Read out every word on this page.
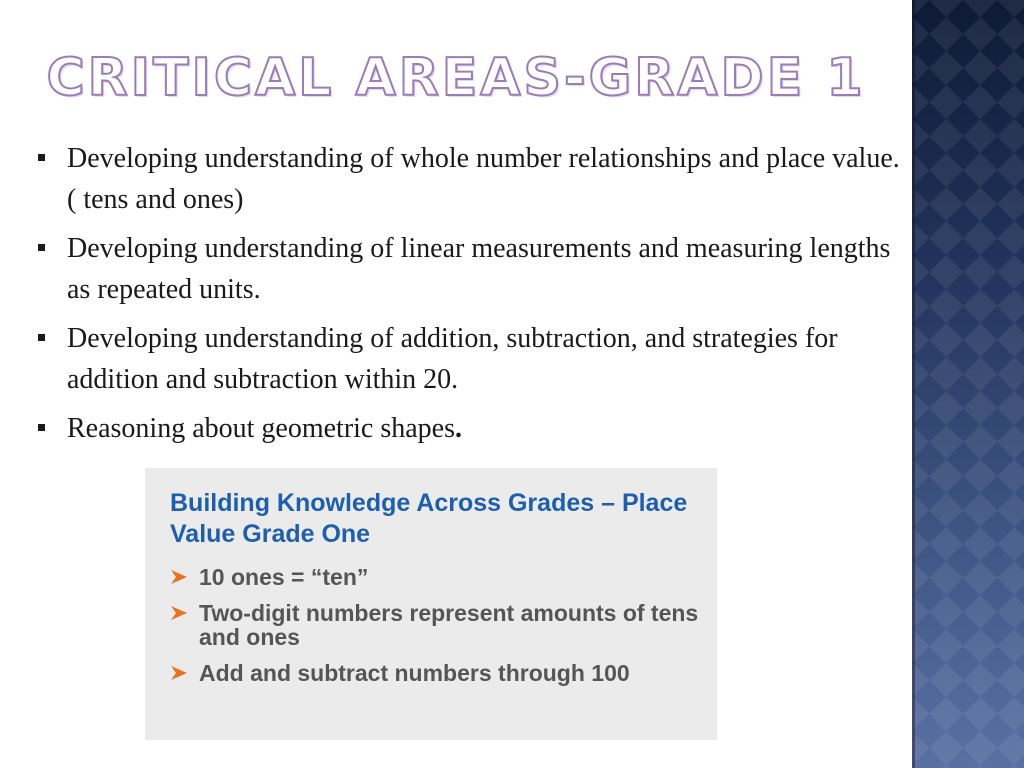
CRITICAL AREAS-GRADE 1
Developing understanding of whole number relationships and place value. ( tens and ones)
Developing understanding of linear measurements and measuring lengths as repeated units.
Developing understanding of addition, subtraction, and strategies for addition and subtraction within 20.
Reasoning about geometric shapes.
Building Knowledge Across Grades – Place Value Grade One
10 ones = “ten”
Two-digit numbers represent amounts of tens and ones
Add and subtract numbers through 100
